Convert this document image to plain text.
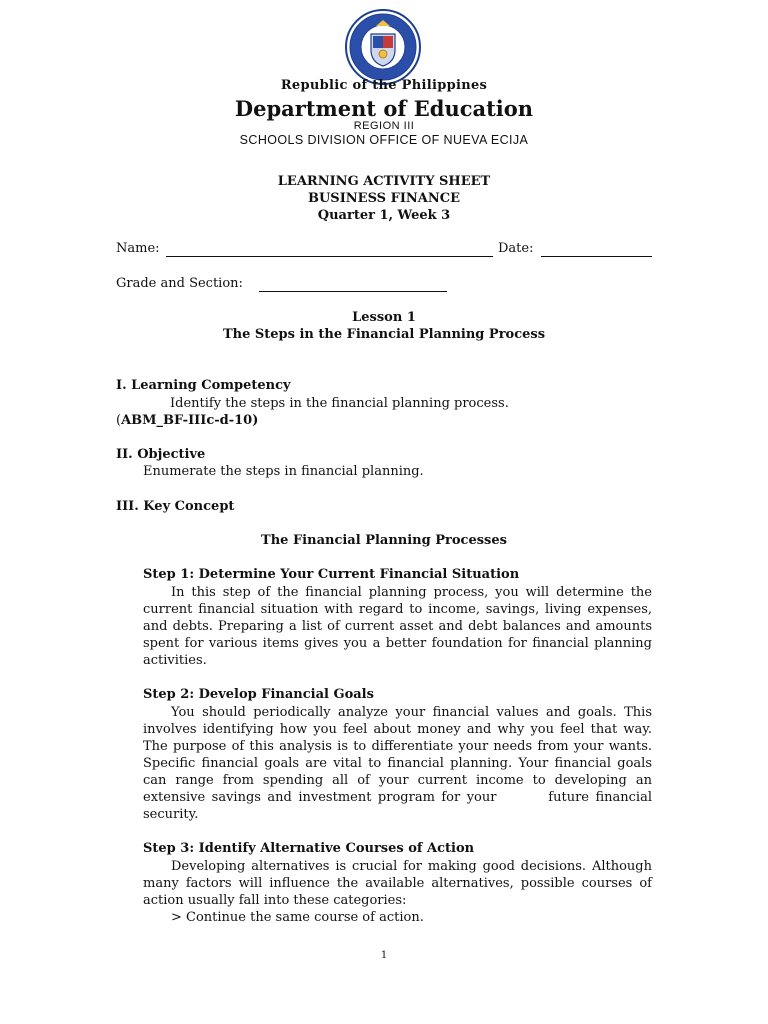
Republic of the Philippines
Department of Education
REGION III
SCHOOLS DIVISION OFFICE OF NUEVA ECIJA
LEARNING ACTIVITY SHEET
BUSINESS FINANCE
Quarter 1, Week 3
Name:	Date:
Grade and Section:
Lesson 1
The Steps in the Financial Planning Process
I. Learning Competency
Identify the steps in the financial planning process.
(ABM_BF-IIIc-d-10)
II. Objective
Enumerate the steps in financial planning.
III. Key Concept
The Financial Planning Processes
Step 1: Determine Your Current Financial Situation
In this step of the financial planning process, you will determine the current financial situation with regard to income, savings, living expenses, and debts. Preparing a list of current asset and debt balances and amounts spent for various items gives you a better foundation for financial planning activities.
Step 2: Develop Financial Goals
You should periodically analyze your financial values and goals. This involves identifying how you feel about money and why you feel that way. The purpose of this analysis is to differentiate your needs from your wants. Specific financial goals are vital to financial planning. Your financial goals can range from spending all of your current income to developing an extensive savings and investment program for your        future financial security.
Step 3: Identify Alternative Courses of Action
Developing alternatives is crucial for making good decisions. Although many factors will influence the available alternatives, possible courses of action usually fall into these categories:
> Continue the same course of action.
1
